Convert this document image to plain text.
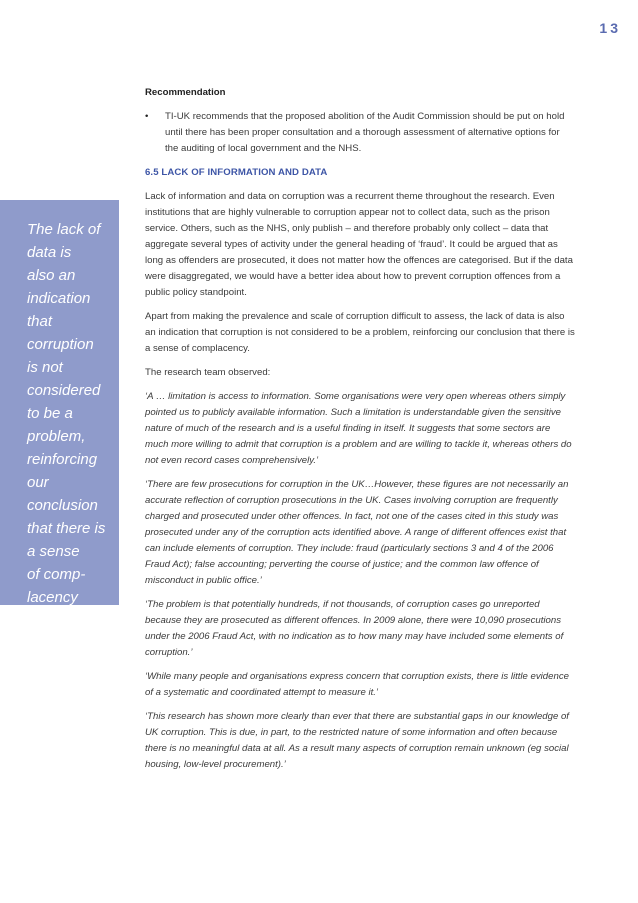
13
The lack of
data is
also an
indication
that
corruption
is not
considered
to be a
problem,
reinforcing
our
conclusion
that there is
a sense
of comp-
lacency
Recommendation
•	TI-UK recommends that the proposed abolition of the Audit Commission should be put on hold until there has been proper consultation and a thorough assessment of alternative options for the auditing of local government and the NHS.
6.5 LACK OF INFORMATION AND DATA

Lack of information and data on corruption was a recurrent theme throughout the research. Even institutions that are highly vulnerable to corruption appear not to collect data, such as the prison service. Others, such as the NHS, only publish – and therefore probably only collect – data that aggregate several types of activity under the general heading of ‘fraud’. It could be argued that as long as offenders are prosecuted, it does not matter how the offences are categorised. But if the data were disaggregated, we would have a better idea about how to prevent corruption offences from a public policy standpoint.

Apart from making the prevalence and scale of corruption difficult to assess, the lack of data is also an indication that corruption is not considered to be a problem, reinforcing our conclusion that there is a sense of complacency.

The research team observed:

‘A … limitation is access to information. Some organisations were very open whereas others simply pointed us to publicly available information. Such a limitation is understandable given the sensitive nature of much of the research and is a useful finding in itself. It suggests that some sectors are much more willing to admit that corruption is a problem and are willing to tackle it, whereas others do not even record cases comprehensively.’

‘There are few prosecutions for corruption in the UK…However, these figures are not necessarily an accurate reflection of corruption prosecutions in the UK. Cases involving corruption are frequently charged and prosecuted under other offences. In fact, not one of the cases cited in this study was prosecuted under any of the corruption acts identified above. A range of different offences exist that can include elements of corruption. They include: fraud (particularly sections 3 and 4 of the 2006 Fraud Act); false accounting; perverting the course of justice; and the common law offence of misconduct in public office.’

‘The problem is that potentially hundreds, if not thousands, of corruption cases go unreported because they are prosecuted as different offences. In 2009 alone, there were 10,090 prosecutions under the 2006 Fraud Act, with no indication as to how many may have included some elements of corruption.’

‘While many people and organisations express concern that corruption exists, there is little evidence of a systematic and coordinated attempt to measure it.’

‘This research has shown more clearly than ever that there are substantial gaps in our knowledge of UK corruption. This is due, in part, to the restricted nature of some information and often because there is no meaningful data at all. As a result many aspects of corruption remain unknown (eg social housing, low-level procurement).’
